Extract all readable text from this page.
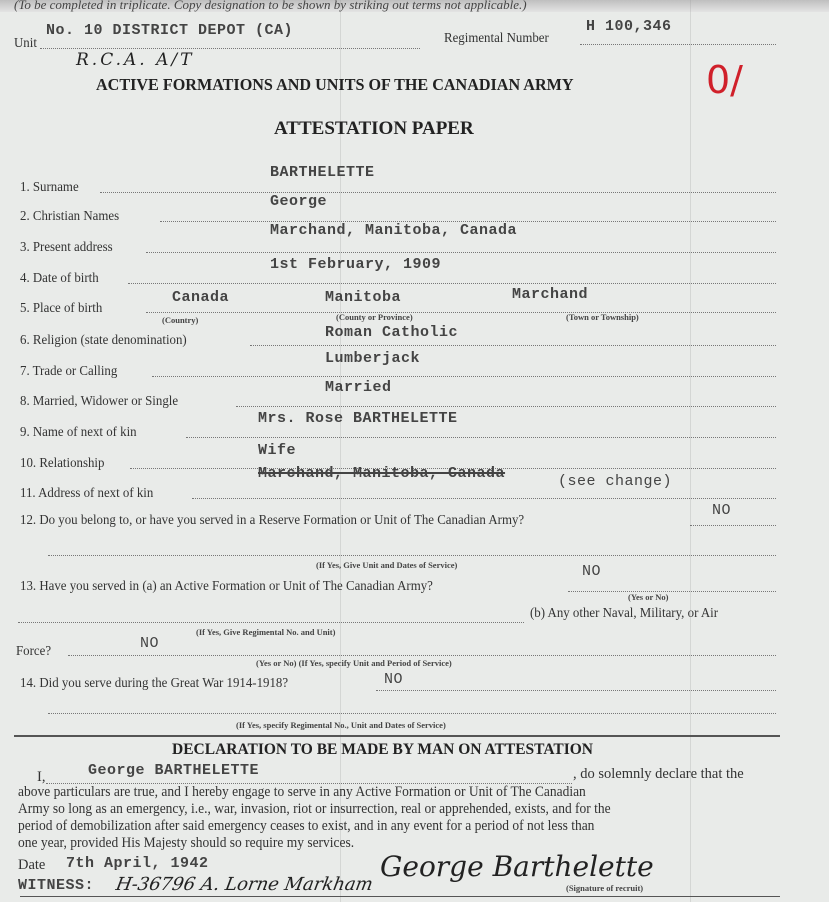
(To be completed in triplicate. Copy designation to be shown by striking out terms not applicable.)
Unit
No. 10 DISTRICT DEPOT (CA)
R.C.A. A/T
Regimental Number
H 100,346
ACTIVE FORMATIONS AND UNITS OF THE CANADIAN ARMY	0/
ATTESTATION PAPER
1. Surname
BARTHELETTE
2. Christian Names
George
3. Present address
Marchand, Manitoba, Canada
4. Date of birth
1st February, 1909
5. Place of birth
Canada	Manitoba	Marchand
(Country)	(County or Province)	(Town or Township)
6. Religion (state denomination)	Roman Catholic
7. Trade or Calling
Lumberjack
8. Married, Widower or Single
Married
9. Name of next of kin
Mrs. Rose BARTHELETTE
10. Relationship
Wife
11. Address of next of kin
Marchand, Manitoba, Canada	(see change)
12. Do you belong to, or have you served in a Reserve Formation or Unit of The Canadian Army?
NO
(If Yes, Give Unit and Dates of Service)
13. Have you served in (a) an Active Formation or Unit of The Canadian Army?
NO
(Yes or No)
(b) Any other Naval, Military, or Air
(If Yes, Give Regimental No. and Unit)
Force?	NO
(Yes or No) (If Yes, specify Unit and Period of Service)
14. Did you serve during the Great War 1914-1918?	NO
(If Yes, specify Regimental No., Unit and Dates of Service)
DECLARATION TO BE MADE BY MAN ON ATTESTATION
I,	George BARTHELETTE	, do solemnly declare that the
above particulars are true, and I hereby engage to serve in any Active Formation or Unit of The Canadian
Army so long as an emergency, i.e., war, invasion, riot or insurrection, real or apprehended, exists, and for the
period of demobilization after said emergency ceases to exist, and in any event for a period of not less than
one year, provided His Majesty should so require my services.
Date 7th April, 1942
WITNESS: H-36796 A. Lorne Markham
George Barthelette
(Signature of recruit)
